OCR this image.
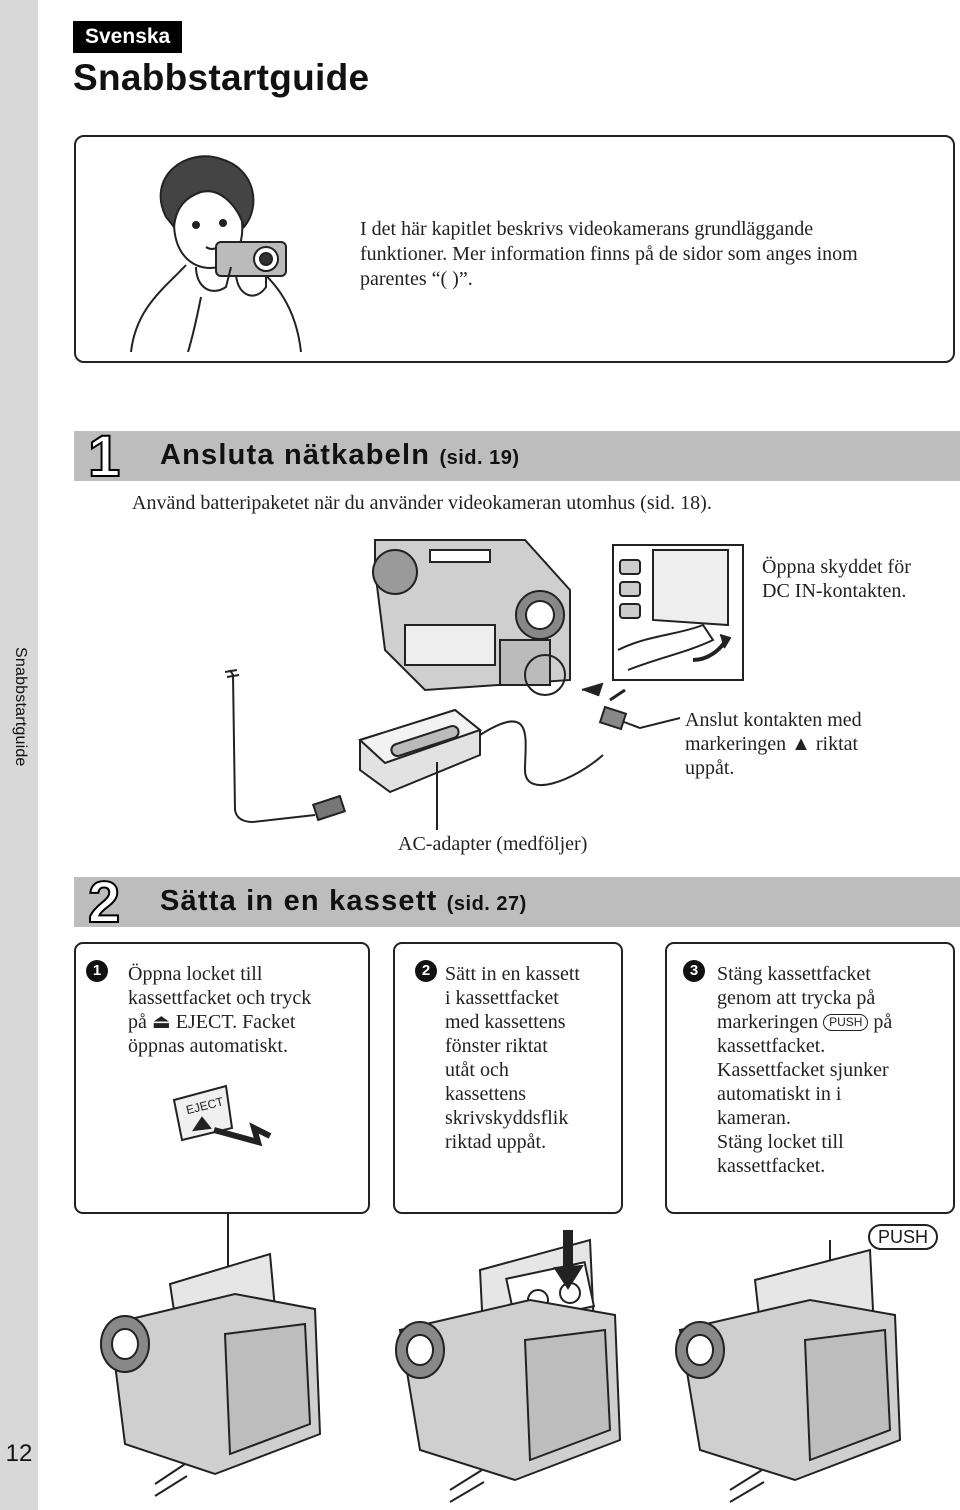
Snabbstartguide
12
Svenska
Snabbstartguide
I det här kapitlet beskrivs videokamerans grundläggande
funktioner. Mer information finns på de sidor som anges inom
parentes “( )”.
1 Ansluta nätkabeln (sid. 19)
Använd batteripaketet när du använder videokameran utomhus (sid. 18).
Öppna skyddet för
DC IN-kontakten.
Anslut kontakten med
markeringen ▲ riktat
uppåt.
AC-adapter (medföljer)
2 Sätta in en kassett (sid. 27)
1	Öppna locket till
kassettfacket och tryck
på ⏏ EJECT. Facket
öppnas automatiskt.
EJECT
2 Sätt in en kassett
i kassettfacket
med kassettens
fönster riktat
utåt och
kassettens
skrivskyddsflik
riktad uppåt.
3 Stäng kassettfacket
genom att trycka på
markeringen PUSH på
kassettfacket.
Kassettfacket sjunker
automatiskt in i
kameran.
Stäng locket till
kassettfacket.
PUSH
